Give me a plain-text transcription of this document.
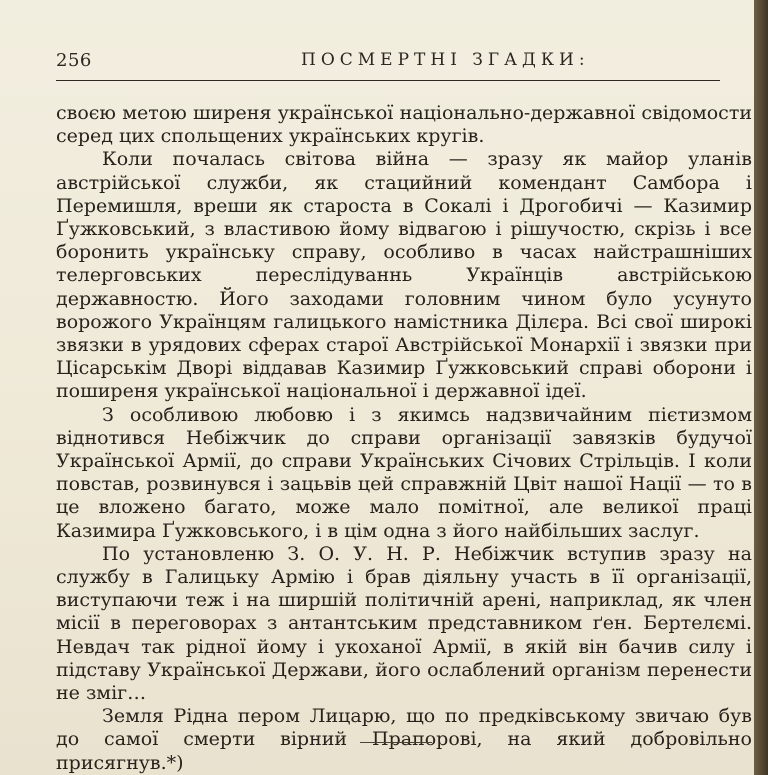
256	ПОСМЕРТНІ ЗГАДКИ:

своєю метою ширеня української національно-державної свідомости серед цих спольщених українських кругів.

Коли почалась світова війна — зразу як майор уланів австрійської служби, як стацийний комендант Самбора і Перемишля, вреши як староста в Сокалі і Дрогобичі — Казимир Ґужковський, з властивою йому відвагою і рішучостю, скрізь і все боронить українську справу, особливо в часах найстрашніших телерговських переслідуваннь Українців австрійською державностю. Його заходами головним чином було усунуто ворожого Українцям галицького намістника Ділєра. Всі свої широкі звязки в урядових сферах старої Австрійської Монархії і звязки при Цісарськім Дворі віддавав Казимир Ґужковський справі оборони і поширеня української національної і державної ідеї.

З особливою любовю і з якимсь надзвичайним пієтизмом віднотився Небіжчик до справи організації завязків будучої Української Армії, до справи Українських Січових Стрільців. І коли повстав, розвинувся і зацьвів цей справжній Цвіт нашої Нації — то в це вложено багато, може мало помітної, але великої праці Казимира Ґужковського, і в цім одна з його найбільших заслуг.

По установленю З. О. У. Н. Р. Небіжчик вступив зразу на службу в Галицьку Армію і брав діяльну участь в її організації, виступаючи теж і на ширшій політичній арені, наприклад, як член місії в переговорах з антантським представником ґен. Бертелємі. Невдач так рідної йому і укоханої Армії, в якій він бачив силу і підставу Української Держави, його ослаблений організм перенести не зміг…

Земля Рідна пером Лицарю, що по предківському звичаю був до самої смерти вірний Прапорові, на який добровільно присягнув.*)
